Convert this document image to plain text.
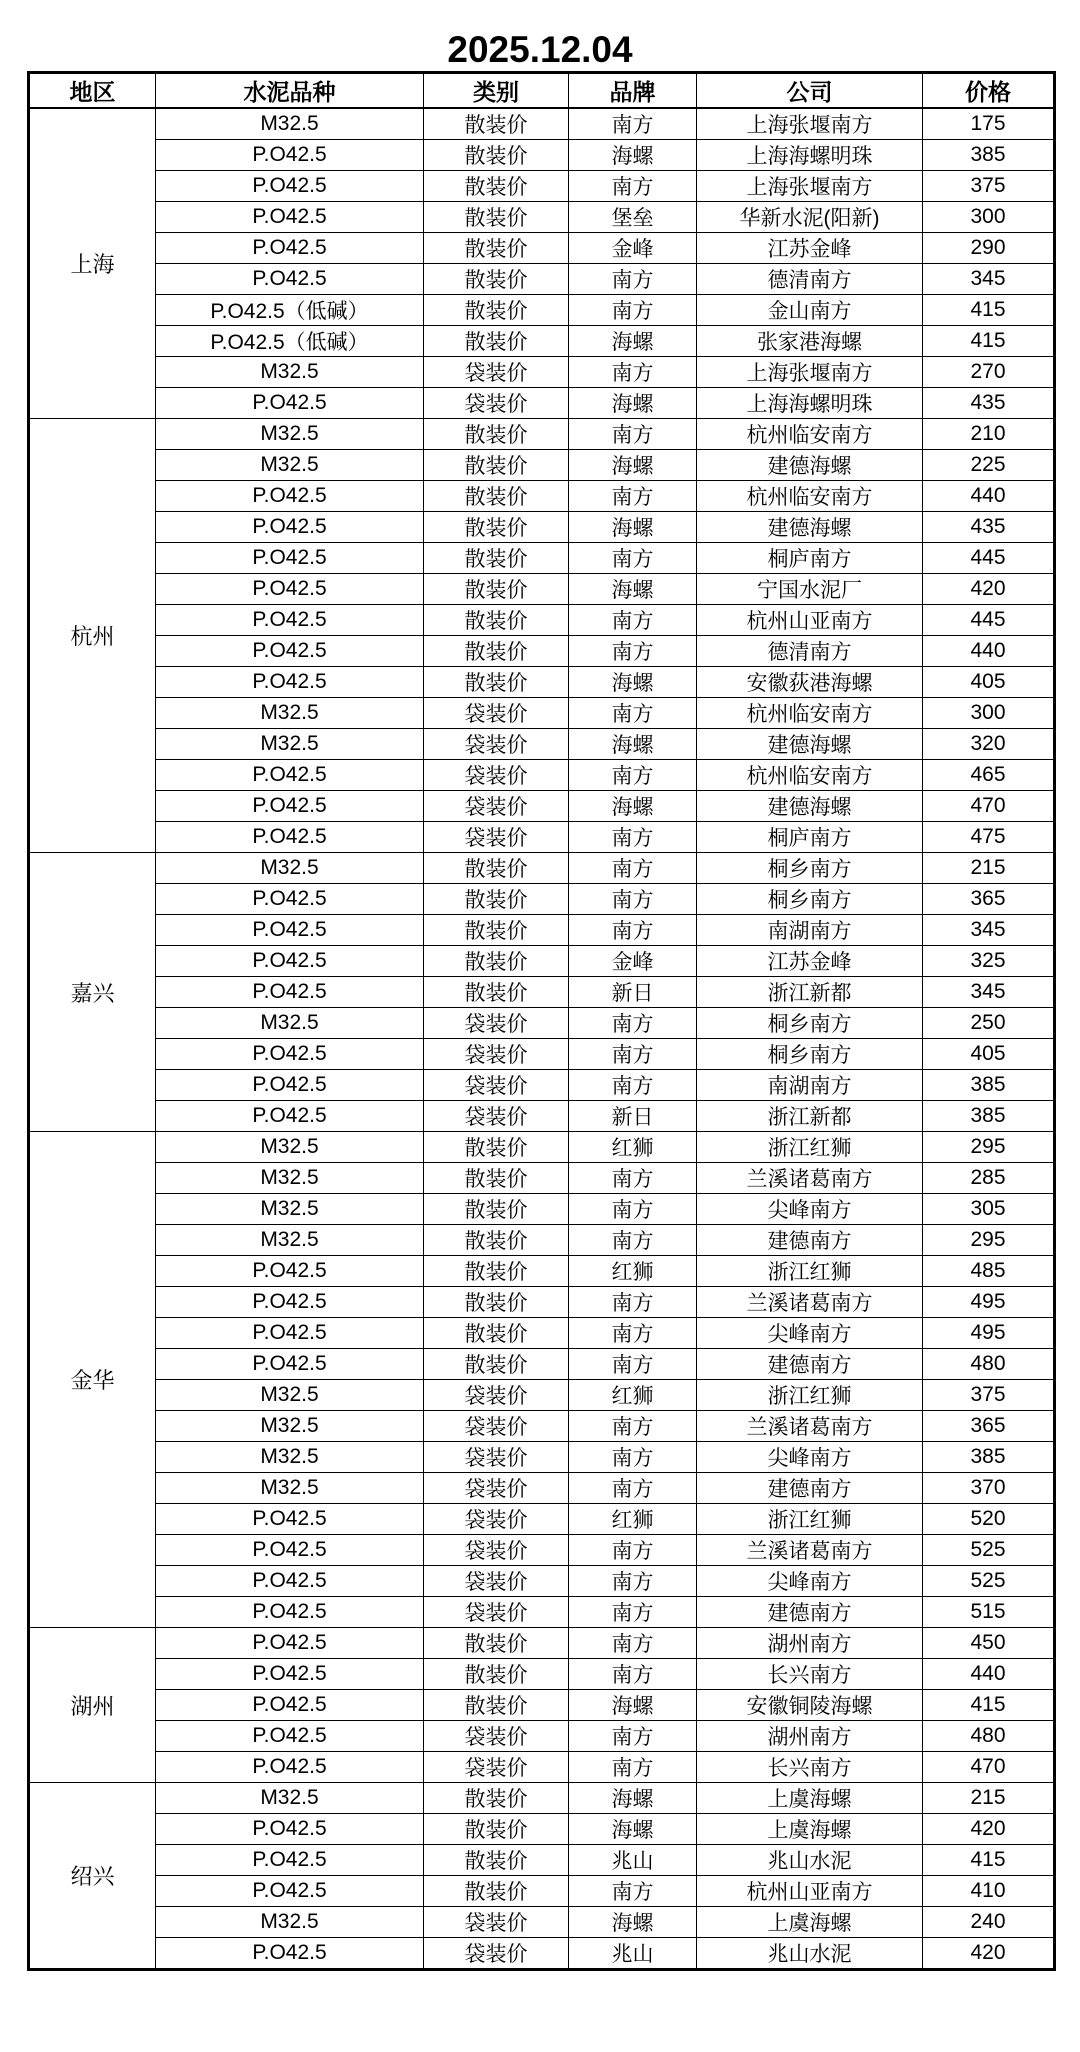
2025.12.04
地区	水泥品种	类别	品牌	公司	价格
上海	M32.5	散装价	南方	上海张堰南方	175
	P.O42.5	散装价	海螺	上海海螺明珠	385
	P.O42.5	散装价	南方	上海张堰南方	375
	P.O42.5	散装价	堡垒	华新水泥(阳新)	300
	P.O42.5	散装价	金峰	江苏金峰	290
	P.O42.5	散装价	南方	德清南方	345
	P.O42.5（低碱）	散装价	南方	金山南方	415
	P.O42.5（低碱）	散装价	海螺	张家港海螺	415
	M32.5	袋装价	南方	上海张堰南方	270
	P.O42.5	袋装价	海螺	上海海螺明珠	435
杭州	M32.5	散装价	南方	杭州临安南方	210
	M32.5	散装价	海螺	建德海螺	225
	P.O42.5	散装价	南方	杭州临安南方	440
	P.O42.5	散装价	海螺	建德海螺	435
	P.O42.5	散装价	南方	桐庐南方	445
	P.O42.5	散装价	海螺	宁国水泥厂	420
	P.O42.5	散装价	南方	杭州山亚南方	445
	P.O42.5	散装价	南方	德清南方	440
	P.O42.5	散装价	海螺	安徽荻港海螺	405
	M32.5	袋装价	南方	杭州临安南方	300
	M32.5	袋装价	海螺	建德海螺	320
	P.O42.5	袋装价	南方	杭州临安南方	465
	P.O42.5	袋装价	海螺	建德海螺	470
	P.O42.5	袋装价	南方	桐庐南方	475
嘉兴	M32.5	散装价	南方	桐乡南方	215
	P.O42.5	散装价	南方	桐乡南方	365
	P.O42.5	散装价	南方	南湖南方	345
	P.O42.5	散装价	金峰	江苏金峰	325
	P.O42.5	散装价	新日	浙江新都	345
	M32.5	袋装价	南方	桐乡南方	250
	P.O42.5	袋装价	南方	桐乡南方	405
	P.O42.5	袋装价	南方	南湖南方	385
	P.O42.5	袋装价	新日	浙江新都	385
金华	M32.5	散装价	红狮	浙江红狮	295
	M32.5	散装价	南方	兰溪诸葛南方	285
	M32.5	散装价	南方	尖峰南方	305
	M32.5	散装价	南方	建德南方	295
	P.O42.5	散装价	红狮	浙江红狮	485
	P.O42.5	散装价	南方	兰溪诸葛南方	495
	P.O42.5	散装价	南方	尖峰南方	495
	P.O42.5	散装价	南方	建德南方	480
	M32.5	袋装价	红狮	浙江红狮	375
	M32.5	袋装价	南方	兰溪诸葛南方	365
	M32.5	袋装价	南方	尖峰南方	385
	M32.5	袋装价	南方	建德南方	370
	P.O42.5	袋装价	红狮	浙江红狮	520
	P.O42.5	袋装价	南方	兰溪诸葛南方	525
	P.O42.5	袋装价	南方	尖峰南方	525
	P.O42.5	袋装价	南方	建德南方	515
湖州	P.O42.5	散装价	南方	湖州南方	450
	P.O42.5	散装价	南方	长兴南方	440
	P.O42.5	散装价	海螺	安徽铜陵海螺	415
	P.O42.5	袋装价	南方	湖州南方	480
	P.O42.5	袋装价	南方	长兴南方	470
绍兴	M32.5	散装价	海螺	上虞海螺	215
	P.O42.5	散装价	海螺	上虞海螺	420
	P.O42.5	散装价	兆山	兆山水泥	415
	P.O42.5	散装价	南方	杭州山亚南方	410
	M32.5	袋装价	海螺	上虞海螺	240
	P.O42.5	袋装价	兆山	兆山水泥	420
